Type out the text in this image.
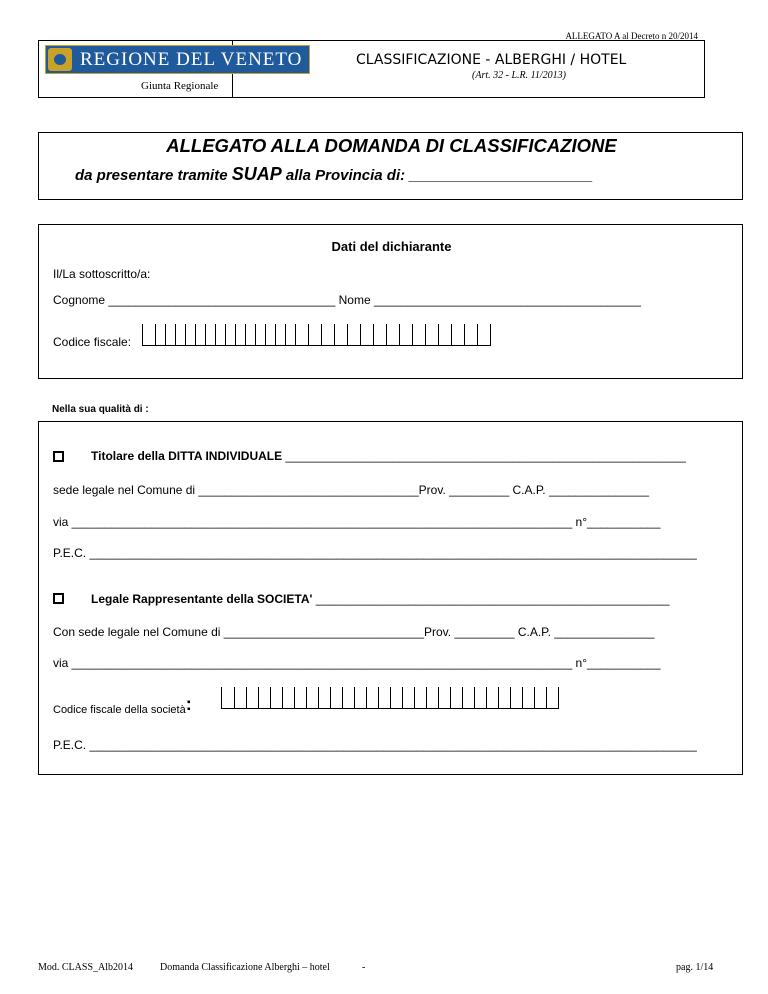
ALLEGATO A al Decreto n 20/2014
REGIONE DEL VENETO
Giunta Regionale
CLASSIFICAZIONE - ALBERGHI / HOTEL
(Art. 32 - L.R. 11/2013)
ALLEGATO ALLA DOMANDA DI CLASSIFICAZIONE
da presentare tramite SUAP alla Provincia di: ______________________
Dati del dichiarante
Il/La sottoscritto/a:
Cognome __________________________________ Nome ________________________________________
Codice fiscale:
Nella sua qualità di :
Titolare della DITTA INDIVIDUALE ____________________________________________________________
sede legale nel Comune di _________________________________Prov. _________ C.A.P. _______________
via ___________________________________________________________________________ n°___________
P.E.C. ___________________________________________________________________________________________
Legale Rappresentante della SOCIETA' _____________________________________________________
Con sede legale nel Comune di ______________________________Prov. _________ C.A.P. _______________
via ___________________________________________________________________________ n°___________
Codice fiscale della società:
P.E.C. ___________________________________________________________________________________________
Mod. CLASS_Alb2014	Domanda Classificazione Alberghi – hotel	-	pag. 1/14
